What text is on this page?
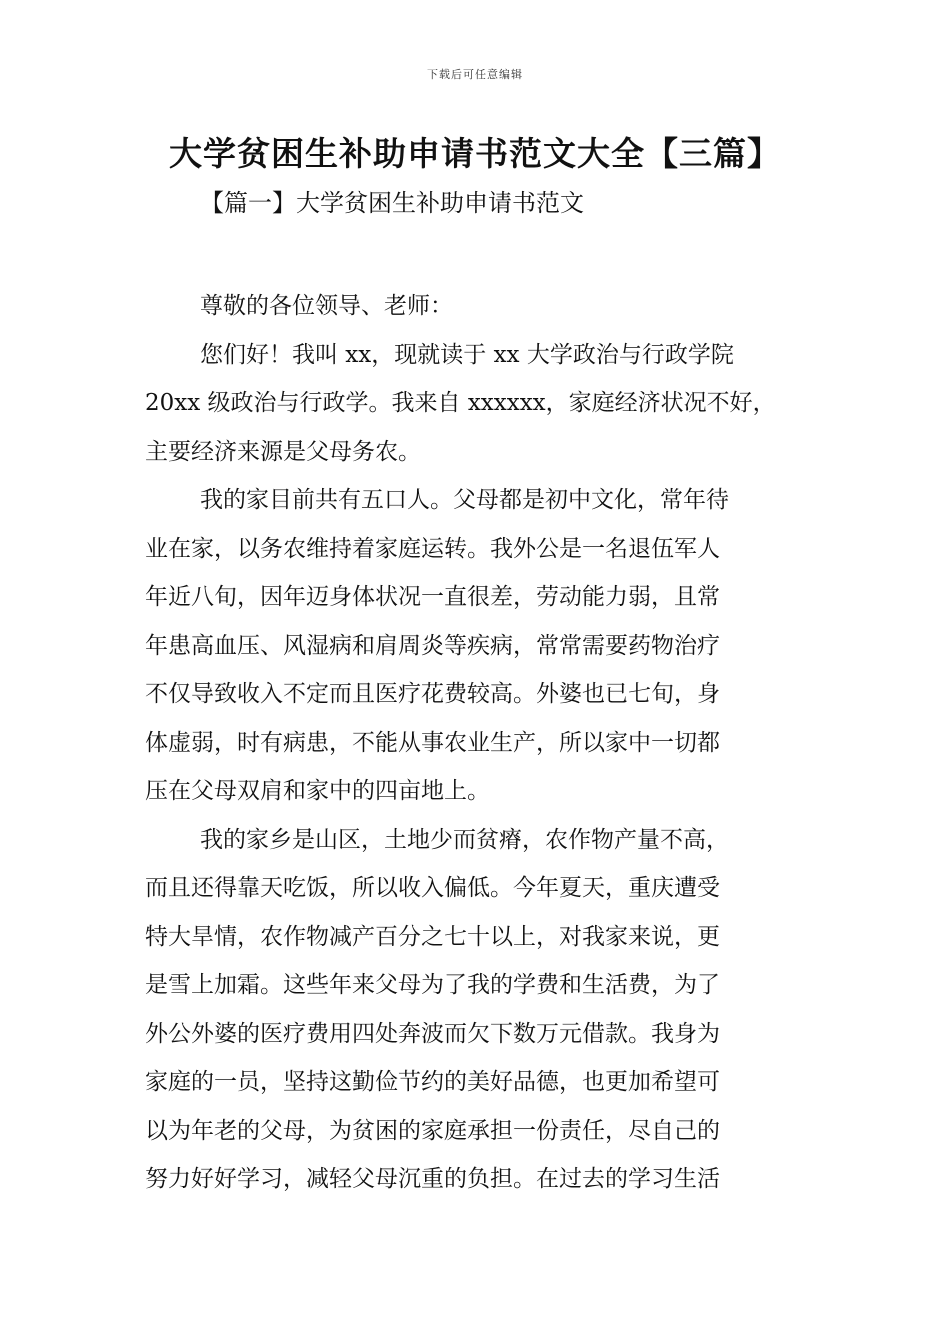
下载后可任意编辑
大学贫困生补助申请书范文大全【三篇】
【篇一】大学贫困生补助申请书范文

尊敬的各位领导、老师：

您们好！我叫 xx，现就读于 xx 大学政治与行政学院
20xx 级政治与行政学。我来自 xxxxxx，家庭经济状况不好，
主要经济来源是父母务农。

我的家目前共有五口人。父母都是初中文化，常年待
业在家，以务农维持着家庭运转。我外公是一名退伍军人
年近八旬，因年迈身体状况一直很差，劳动能力弱，且常
年患高血压、风湿病和肩周炎等疾病，常常需要药物治疗
不仅导致收入不定而且医疗花费较高。外婆也已七旬，身
体虚弱，时有病患，不能从事农业生产，所以家中一切都
压在父母双肩和家中的四亩地上。

我的家乡是山区，土地少而贫瘠，农作物产量不高，
而且还得靠天吃饭，所以收入偏低。今年夏天，重庆遭受
特大旱情，农作物减产百分之七十以上，对我家来说，更
是雪上加霜。这些年来父母为了我的学费和生活费，为了
外公外婆的医疗费用四处奔波而欠下数万元借款。我身为
家庭的一员，坚持这勤俭节约的美好品德，也更加希望可
以为年老的父母，为贫困的家庭承担一份责任，尽自己的
努力好好学习，减轻父母沉重的负担。在过去的学习生活
